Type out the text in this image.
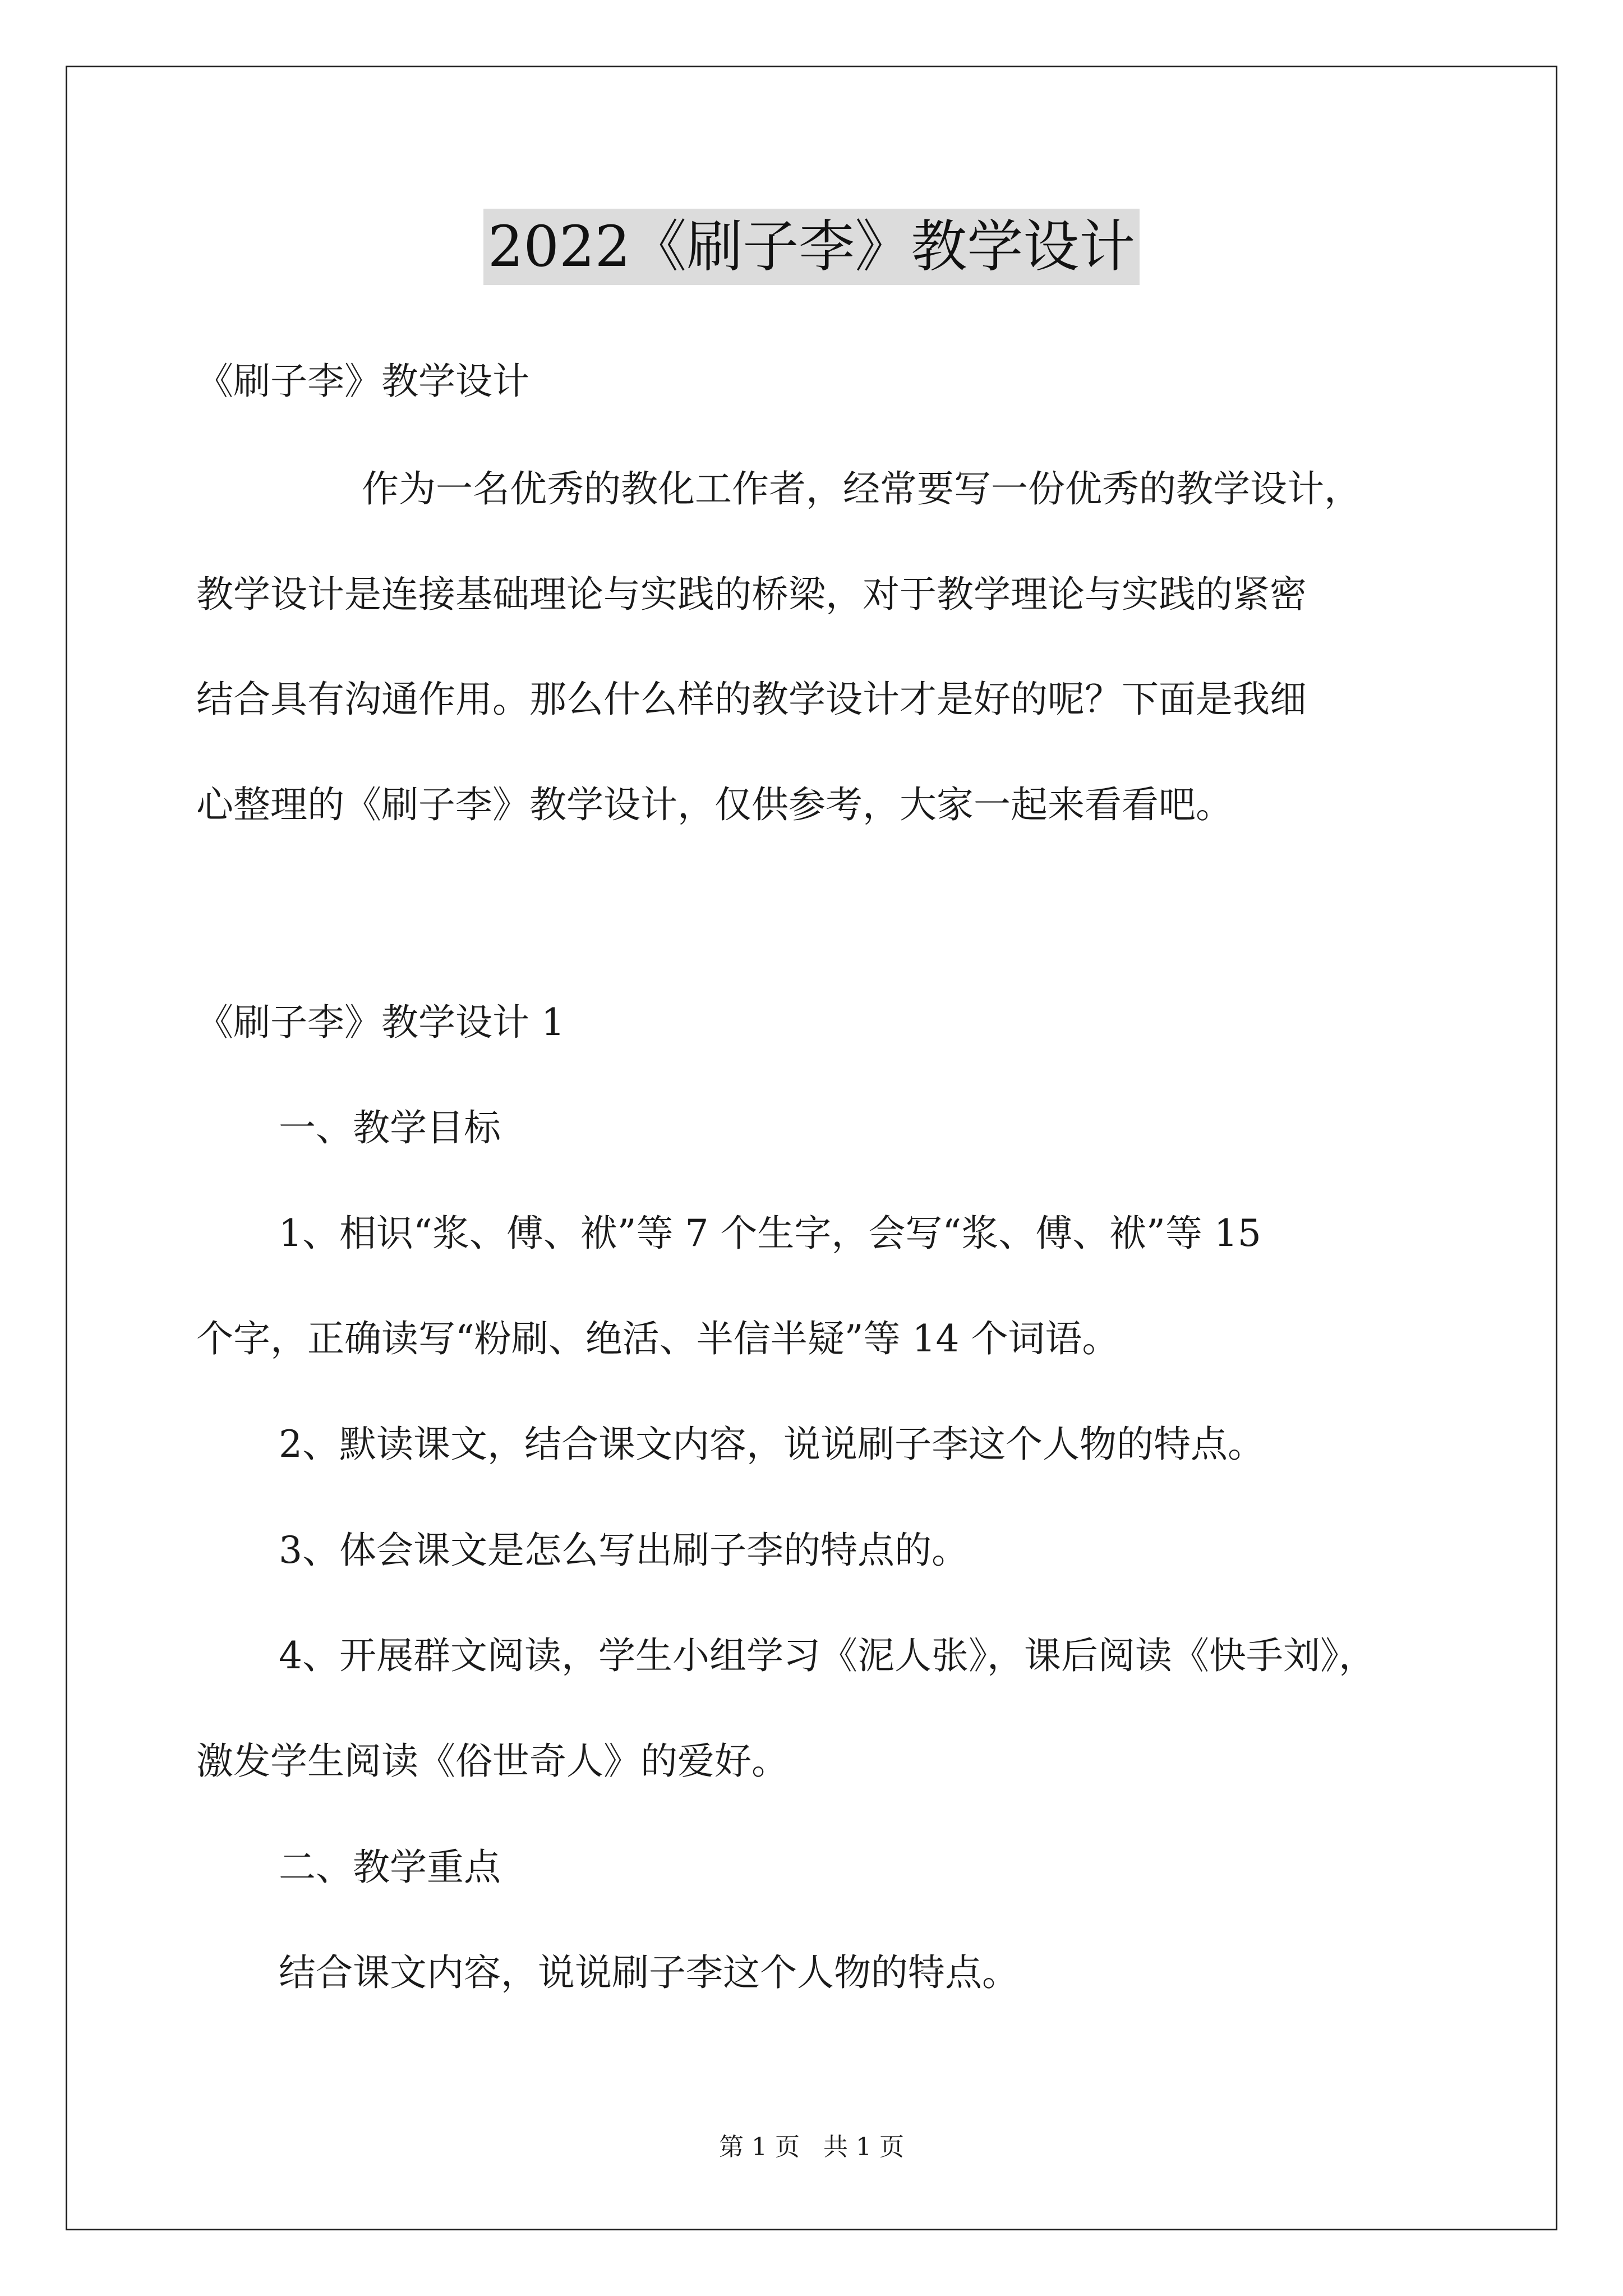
2022《刷子李》教学设计
《刷子李》教学设计
作为一名优秀的教化工作者，经常要写一份优秀的教学设计，
教学设计是连接基础理论与实践的桥梁，对于教学理论与实践的紧密
结合具有沟通作用。那么什么样的教学设计才是好的呢？下面是我细
心整理的《刷子李》教学设计，仅供参考，大家一起来看看吧。
《刷子李》教学设计 1
一、教学目标
1、相识“浆、傅、袱”等 7 个生字，会写“浆、傅、袱”等 15
个字，正确读写“粉刷、绝活、半信半疑”等 14 个词语。
2、默读课文，结合课文内容，说说刷子李这个人物的特点。
3、体会课文是怎么写出刷子李的特点的。
4、开展群文阅读，学生小组学习《泥人张》，课后阅读《快手刘》，
激发学生阅读《俗世奇人》的爱好。
二、教学重点
结合课文内容，说说刷子李这个人物的特点。
第 1 页   共 1 页
